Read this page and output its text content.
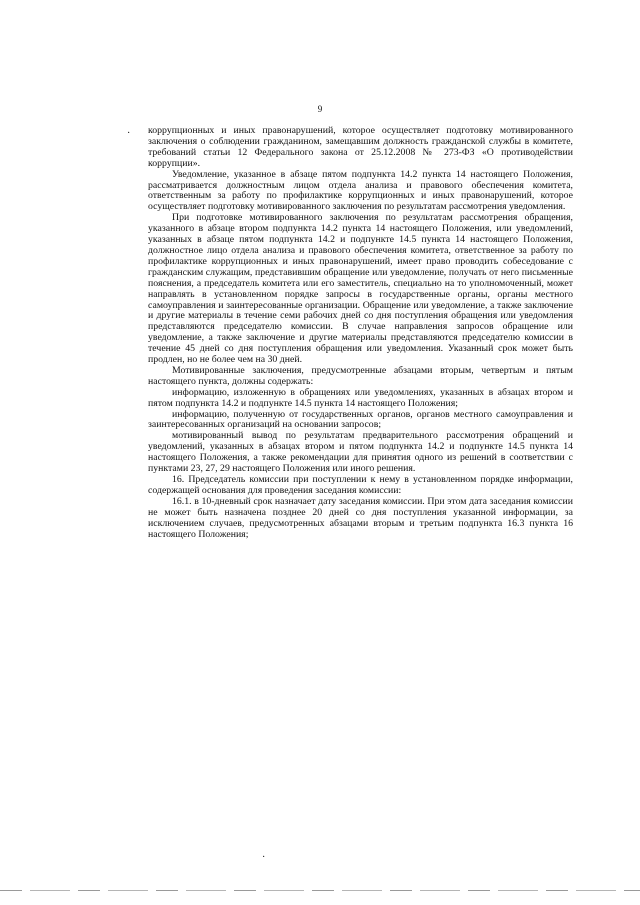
9
· коррупционных и иных правонарушений, которое осуществляет подготовку мотивированного заключения о соблюдении гражданином, замещавшим должность гражданской службы в комитете, требований статьи 12 Федерального закона от 25.12.2008 № 273-ФЗ «О противодействии коррупции».

Уведомление, указанное в абзаце пятом подпункта 14.2 пункта 14 настоящего Положения, рассматривается должностным лицом отдела анализа и правового обеспечения комитета, ответственным за работу по профилактике коррупционных и иных правонарушений, которое осуществляет подготовку мотивированного заключения по результатам рассмотрения уведомления.

При подготовке мотивированного заключения по результатам рассмотрения обращения, указанного в абзаце втором подпункта 14.2 пункта 14 настоящего Положения, или уведомлений, указанных в абзаце пятом подпункта 14.2 и подпункте 14.5 пункта 14 настоящего Положения, должностное лицо отдела анализа и правового обеспечения комитета, ответственное за работу по профилактике коррупционных и иных правонарушений, имеет право проводить собеседование с гражданским служащим, представившим обращение или уведомление, получать от него письменные пояснения, а председатель комитета или его заместитель, специально на то уполномоченный, может направлять в установленном порядке запросы в государственные органы, органы местного самоуправления и заинтересованные организации. Обращение или уведомление, а также заключение и другие материалы в течение семи рабочих дней со дня поступления обращения или уведомления представляются председателю комиссии. В случае направления запросов обращение или уведомление, а также заключение и другие материалы представляются председателю комиссии в течение 45 дней со дня поступления обращения или уведомления. Указанный срок может быть продлен, но не более чем на 30 дней.

Мотивированные заключения, предусмотренные абзацами вторым, четвертым и пятым настоящего пункта, должны содержать:

информацию, изложенную в обращениях или уведомлениях, указанных в абзацах втором и пятом подпункта 14.2 и подпункте 14.5 пункта 14 настоящего Положения;

информацию, полученную от государственных органов, органов местного самоуправления и заинтересованных организаций на основании запросов;

мотивированный вывод по результатам предварительного рассмотрения обращений и уведомлений, указанных в абзацах втором и пятом подпункта 14.2 и подпункте 14.5 пункта 14 настоящего Положения, а также рекомендации для принятия одного из решений в соответствии с пунктами 23, 27, 29 настоящего Положения или иного решения.

16. Председатель комиссии при поступлении к нему в установленном порядке информации, содержащей основания для проведения заседания комиссии:

16.1. в 10-дневный срок назначает дату заседания комиссии. При этом дата заседания комиссии не может быть назначена позднее 20 дней со дня поступления указанной информации, за исключением случаев, предусмотренных абзацами вторым и третьим подпункта 16.3 пункта 16 настоящего Положения;

·
